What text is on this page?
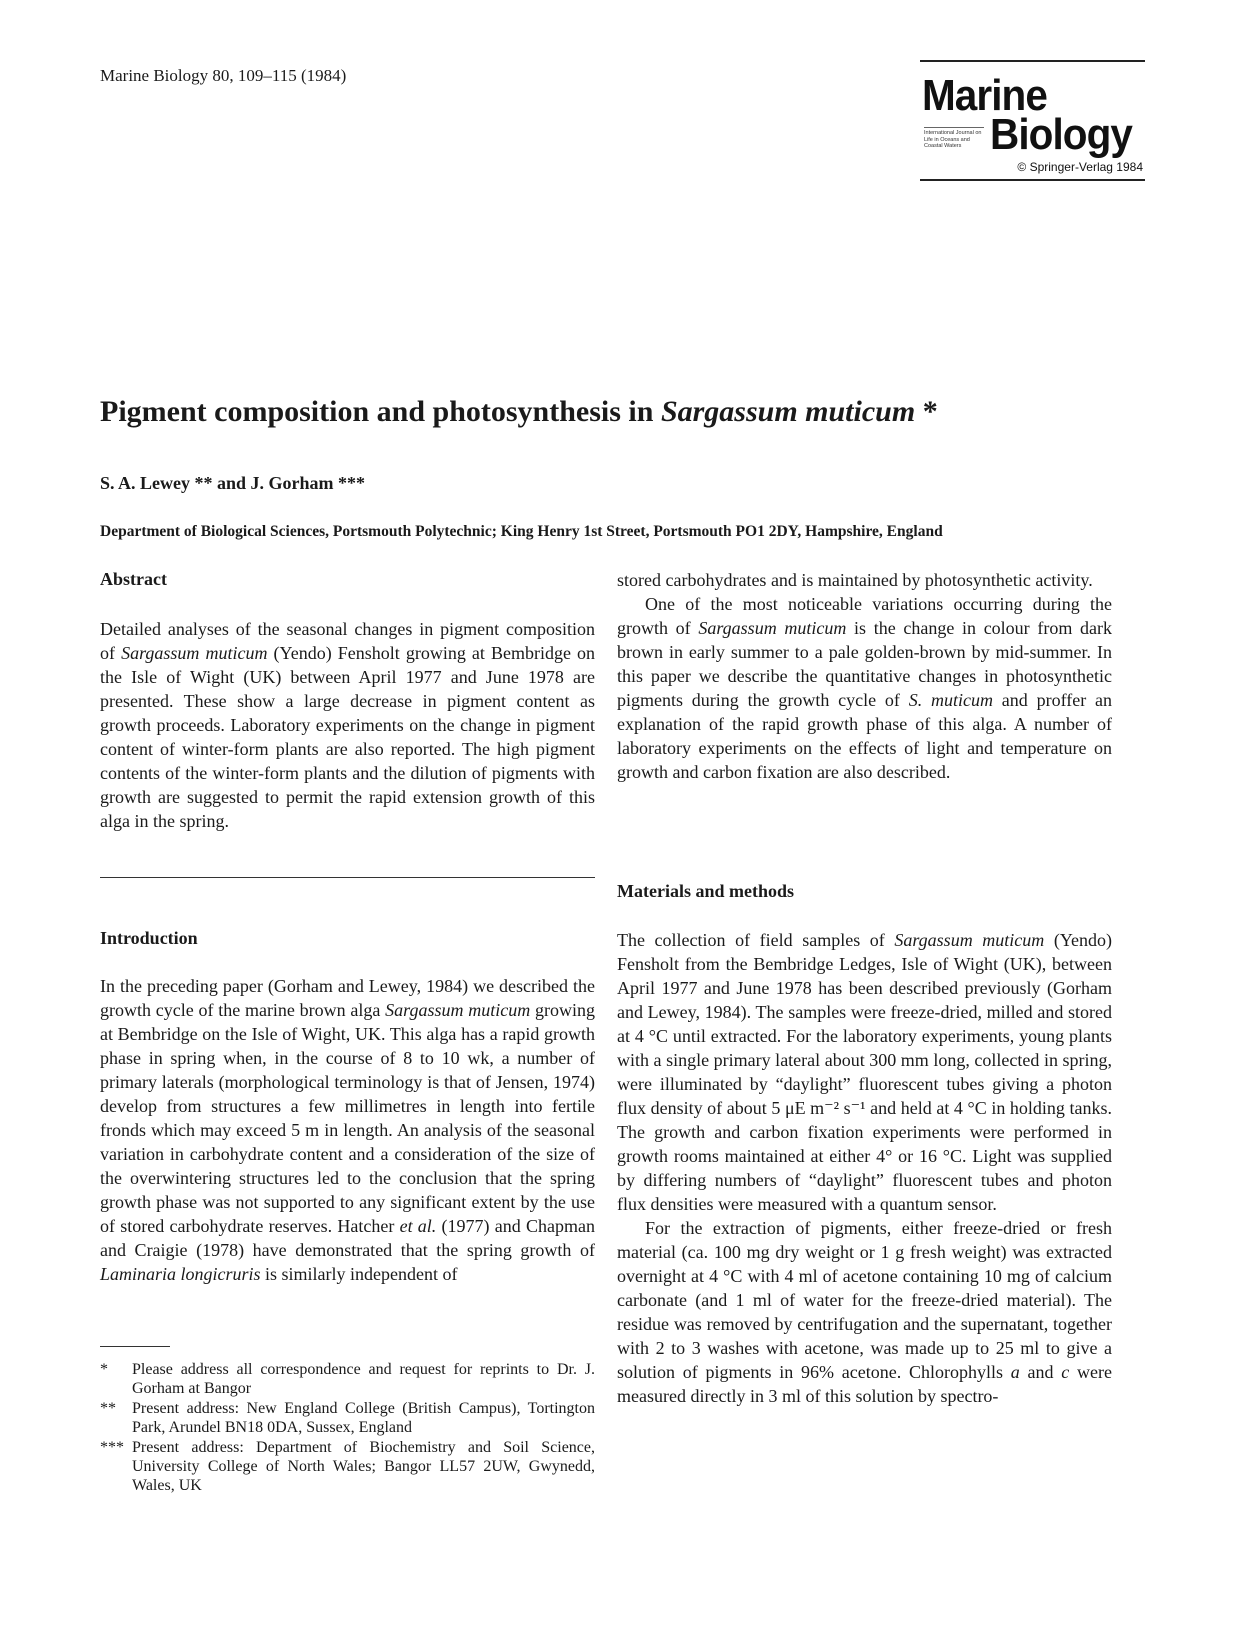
Marine Biology 80, 109–115 (1984)	Marine
International Journal on Life in Oceans and Coastal Waters Biology
© Springer-Verlag 1984
Pigment composition and photosynthesis in Sargassum muticum *
S. A. Lewey ** and J. Gorham ***
Department of Biological Sciences, Portsmouth Polytechnic; King Henry 1st Street, Portsmouth PO1 2DY, Hampshire, England
Abstract

Detailed analyses of the seasonal changes in pigment composition of Sargassum muticum (Yendo) Fensholt growing at Bembridge on the Isle of Wight (UK) between April 1977 and June 1978 are presented. These show a large decrease in pigment content as growth proceeds. Laboratory experiments on the change in pigment content of winter-form plants are also reported. The high pigment contents of the winter-form plants and the dilution of pigments with growth are suggested to permit the rapid extension growth of this alga in the spring.

Introduction

In the preceding paper (Gorham and Lewey, 1984) we described the growth cycle of the marine brown alga Sargassum muticum growing at Bembridge on the Isle of Wight, UK. This alga has a rapid growth phase in spring when, in the course of 8 to 10 wk, a number of primary laterals (morphological terminology is that of Jensen, 1974) develop from structures a few millimetres in length into fertile fronds which may exceed 5 m in length. An analysis of the seasonal variation in carbohydrate content and a consideration of the size of the overwintering structures led to the conclusion that the spring growth phase was not supported to any significant extent by the use of stored carbohydrate reserves. Hatcher et al. (1977) and Chapman and Craigie (1978) have demonstrated that the spring growth of Laminaria longicruris is similarly independent of

*	Please address all correspondence and request for reprints to Dr. J. Gorham at Bangor
**	Present address: New England College (British Campus), Tortington Park, Arundel BN18 0DA, Sussex, England
*** Present address: Department of Biochemistry and Soil Science, University College of North Wales; Bangor LL57 2UW, Gwynedd, Wales, UK

stored carbohydrates and is maintained by photosynthetic activity.

One of the most noticeable variations occurring during the growth of Sargassum muticum is the change in colour from dark brown in early summer to a pale golden-brown by mid-summer. In this paper we describe the quantitative changes in photosynthetic pigments during the growth cycle of S. muticum and proffer an explanation of the rapid growth phase of this alga. A number of laboratory experiments on the effects of light and temperature on growth and carbon fixation are also described.

Materials and methods

The collection of field samples of Sargassum muticum (Yendo) Fensholt from the Bembridge Ledges, Isle of Wight (UK), between April 1977 and June 1978 has been described previously (Gorham and Lewey, 1984). The samples were freeze-dried, milled and stored at 4 °C until extracted. For the laboratory experiments, young plants with a single primary lateral about 300 mm long, collected in spring, were illuminated by “daylight” fluorescent tubes giving a photon flux density of about 5 μE m⁻² s⁻¹ and held at 4 °C in holding tanks. The growth and carbon fixation experiments were performed in growth rooms maintained at either 4° or 16 °C. Light was supplied by differing numbers of “daylight” fluorescent tubes and photon flux densities were measured with a quantum sensor.

For the extraction of pigments, either freeze-dried or fresh material (ca. 100 mg dry weight or 1 g fresh weight) was extracted overnight at 4 °C with 4 ml of acetone containing 10 mg of calcium carbonate (and 1 ml of water for the freeze-dried material). The residue was removed by centrifugation and the supernatant, together with 2 to 3 washes with acetone, was made up to 25 ml to give a solution of pigments in 96% acetone. Chlorophylls a and c were measured directly in 3 ml of this solution by spectro-
